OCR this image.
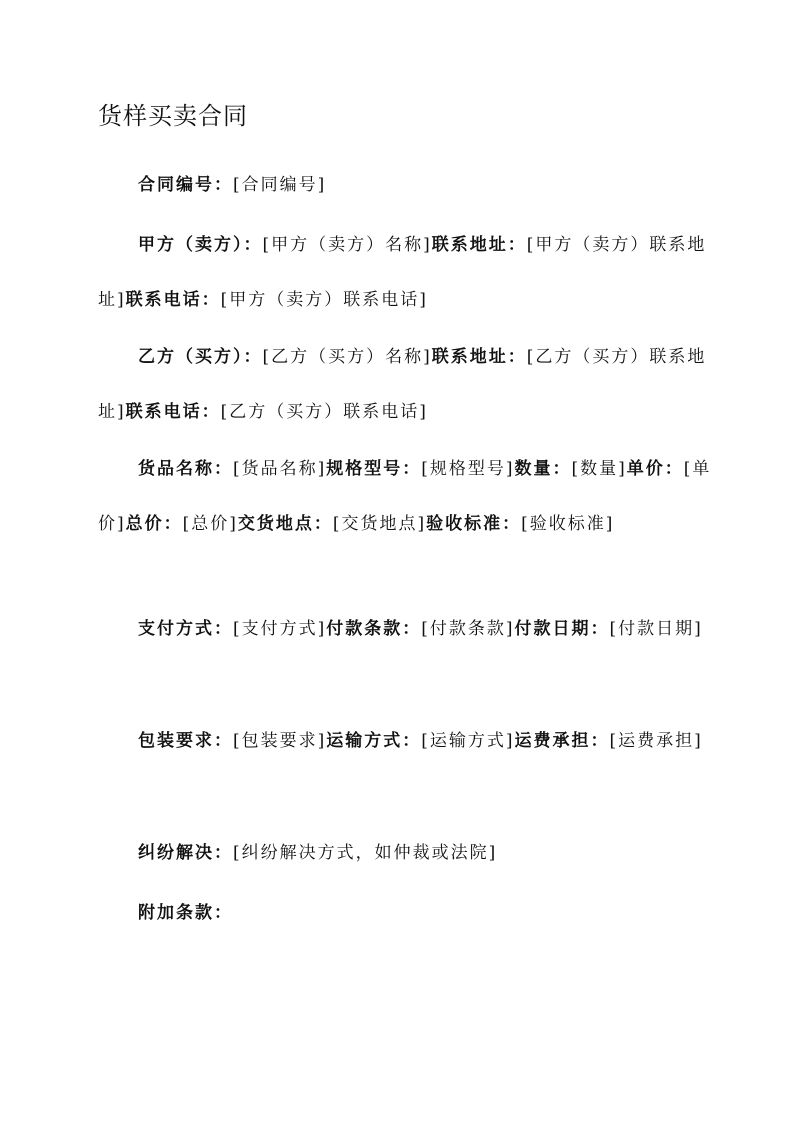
货样买卖合同
合同编号：[合同编号]
甲方（卖方）：[甲方（卖方）名称]联系地址：[甲方（卖方）联系地址]联系电话：[甲方（卖方）联系电话]
乙方（买方）：[乙方（买方）名称]联系地址：[乙方（买方）联系地址]联系电话：[乙方（买方）联系电话]
货品名称：[货品名称]规格型号：[规格型号]数量：[数量]单价：[单价]总价：[总价]交货地点：[交货地点]验收标准：[验收标准]
支付方式：[支付方式]付款条款：[付款条款]付款日期：[付款日期]
包装要求：[包装要求]运输方式：[运输方式]运费承担：[运费承担]
纠纷解决：[纠纷解决方式，如仲裁或法院]
附加条款：
